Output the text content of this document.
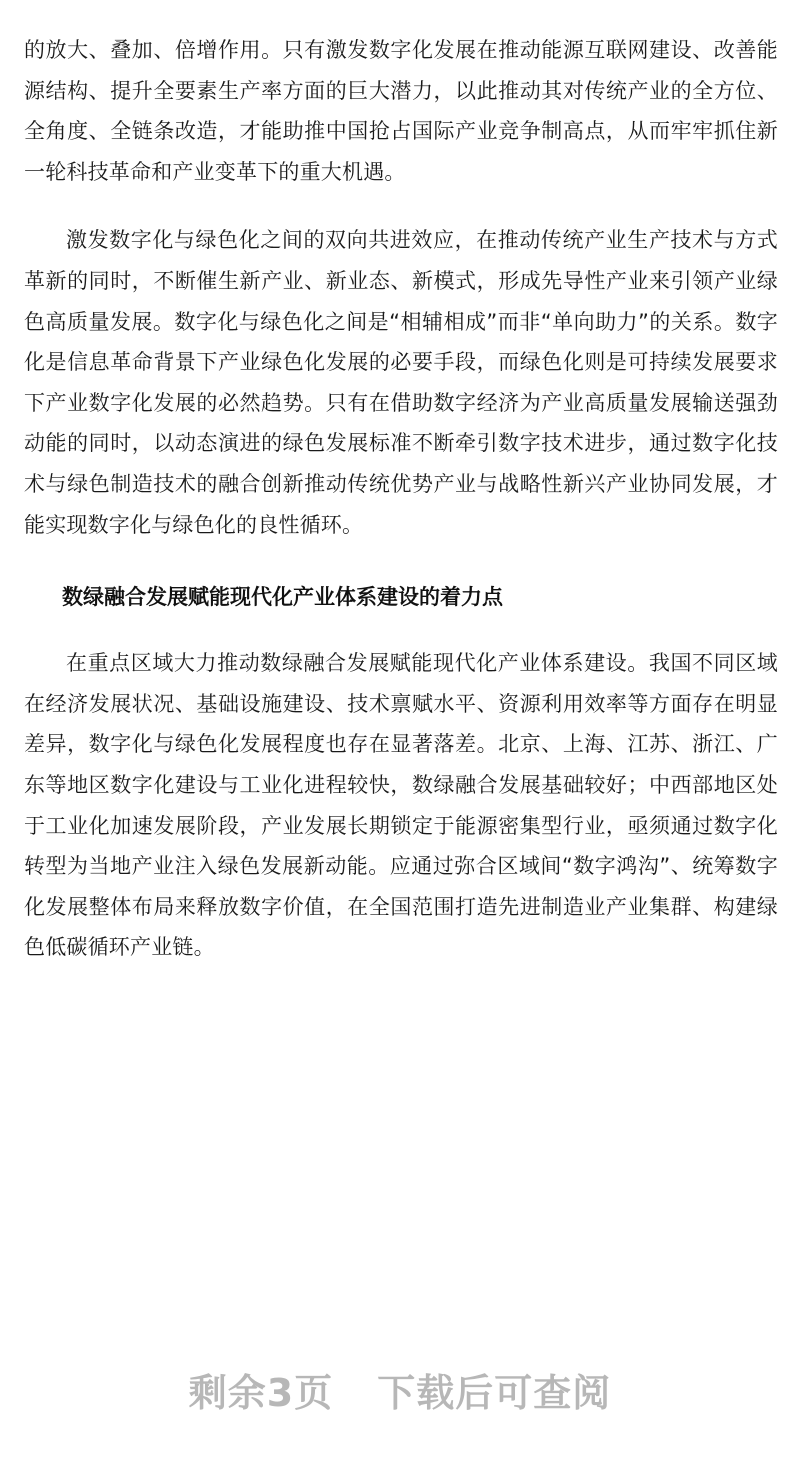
的放大、叠加、倍增作用。只有激发数字化发展在推动能源互联网建设、改善能源结构、提升全要素生产率方面的巨大潜力，以此推动其对传统产业的全方位、全角度、全链条改造，才能助推中国抢占国际产业竞争制高点，从而牢牢抓住新一轮科技革命和产业变革下的重大机遇。

激发数字化与绿色化之间的双向共进效应，在推动传统产业生产技术与方式革新的同时，不断催生新产业、新业态、新模式，形成先导性产业来引领产业绿色高质量发展。数字化与绿色化之间是“相辅相成”而非“单向助力”的关系。数字化是信息革命背景下产业绿色化发展的必要手段，而绿色化则是可持续发展要求下产业数字化发展的必然趋势。只有在借助数字经济为产业高质量发展输送强劲动能的同时，以动态演进的绿色发展标准不断牵引数字技术进步，通过数字化技术与绿色制造技术的融合创新推动传统优势产业与战略性新兴产业协同发展，才能实现数字化与绿色化的良性循环。

数绿融合发展赋能现代化产业体系建设的着力点

在重点区域大力推动数绿融合发展赋能现代化产业体系建设。我国不同区域在经济发展状况、基础设施建设、技术禀赋水平、资源利用效率等方面存在明显差异，数字化与绿色化发展程度也存在显著落差。北京、上海、江苏、浙江、广东等地区数字化建设与工业化进程较快，数绿融合发展基础较好；中西部地区处于工业化加速发展阶段，产业发展长期锁定于能源密集型行业，亟须通过数字化转型为当地产业注入绿色发展新动能。应通过弥合区域间“数字鸿沟”、统筹数字化发展整体布局来释放数字价值，在全国范围打造先进制造业产业集群、构建绿色低碳循环产业链。

剩余3页 下载后可查阅
